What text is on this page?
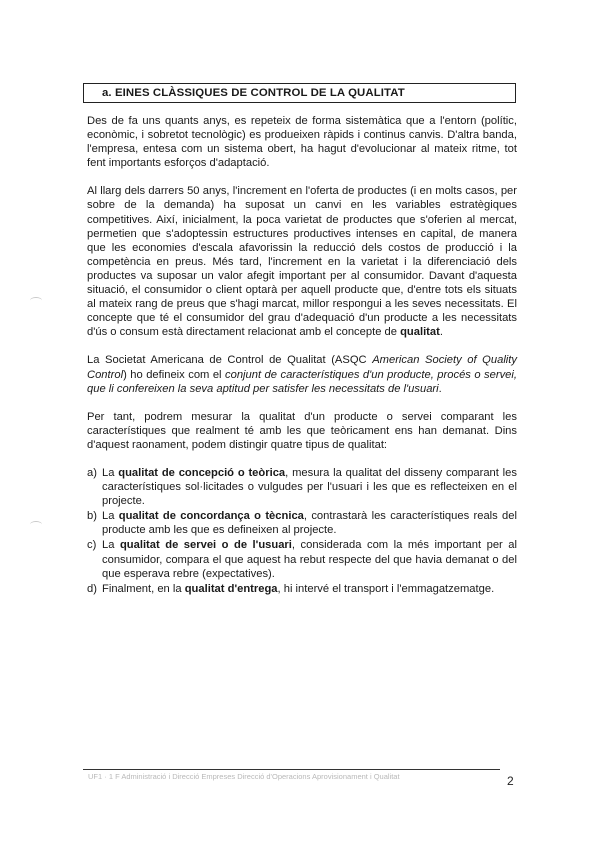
a. EINES CLÀSSIQUES DE CONTROL DE LA QUALITAT

Des de fa uns quants anys, es repeteix de forma sistemàtica que a l'entorn (polític, econòmic, i sobretot tecnològic) es produeixen ràpids i continus canvis. D'altra banda, l'empresa, entesa com un sistema obert, ha hagut d'evolucionar al mateix ritme, tot fent importants esforços d'adaptació.

Al llarg dels darrers 50 anys, l'increment en l'oferta de productes (i en molts casos, per sobre de la demanda) ha suposat un canvi en les variables estratègiques competitives. Així, inicialment, la poca varietat de productes que s'oferien al mercat, permetien que s'adoptessin estructures productives intenses en capital, de manera que les economies d'escala afavorissin la reducció dels costos de producció i la competència en preus. Més tard, l'increment en la varietat i la diferenciació dels productes va suposar un valor afegit important per al consumidor. Davant d'aquesta situació, el consumidor o client optarà per aquell producte que, d'entre tots els situats al mateix rang de preus que s'hagi marcat, millor respongui a les seves necessitats. El concepte que té el consumidor del grau d'adequació d'un producte a les necessitats d'ús o consum està directament relacionat amb el concepte de qualitat.

La Societat Americana de Control de Qualitat (ASQC American Society of Quality Control) ho defineix com el conjunt de característiques d'un producte, procés o servei, que li confereixen la seva aptitud per satisfer les necessitats de l'usuari.

Per tant, podrem mesurar la qualitat d'un producte o servei comparant les característiques que realment té amb les que teòricament ens han demanat. Dins d'aquest raonament, podem distingir quatre tipus de qualitat:

a) La qualitat de concepció o teòrica, mesura la qualitat del disseny comparant les característiques sol·licitades o vulgudes per l'usuari i les que es reflecteixen en el projecte.
b) La qualitat de concordança o tècnica, contrastarà les característiques reals del producte amb les que es defineixen al projecte.
c) La qualitat de servei o de l'usuari, considerada com la més important per al consumidor, compara el que aquest ha rebut respecte del que havia demanat o del que esperava rebre (expectatives).
d) Finalment, en la qualitat d'entrega, hi intervé el transport i l'emmagatzematge.
UF1 · 1 F Administració i Direcció Empreses Direcció d'Operacions Aprovisionament i Qualitat	2
